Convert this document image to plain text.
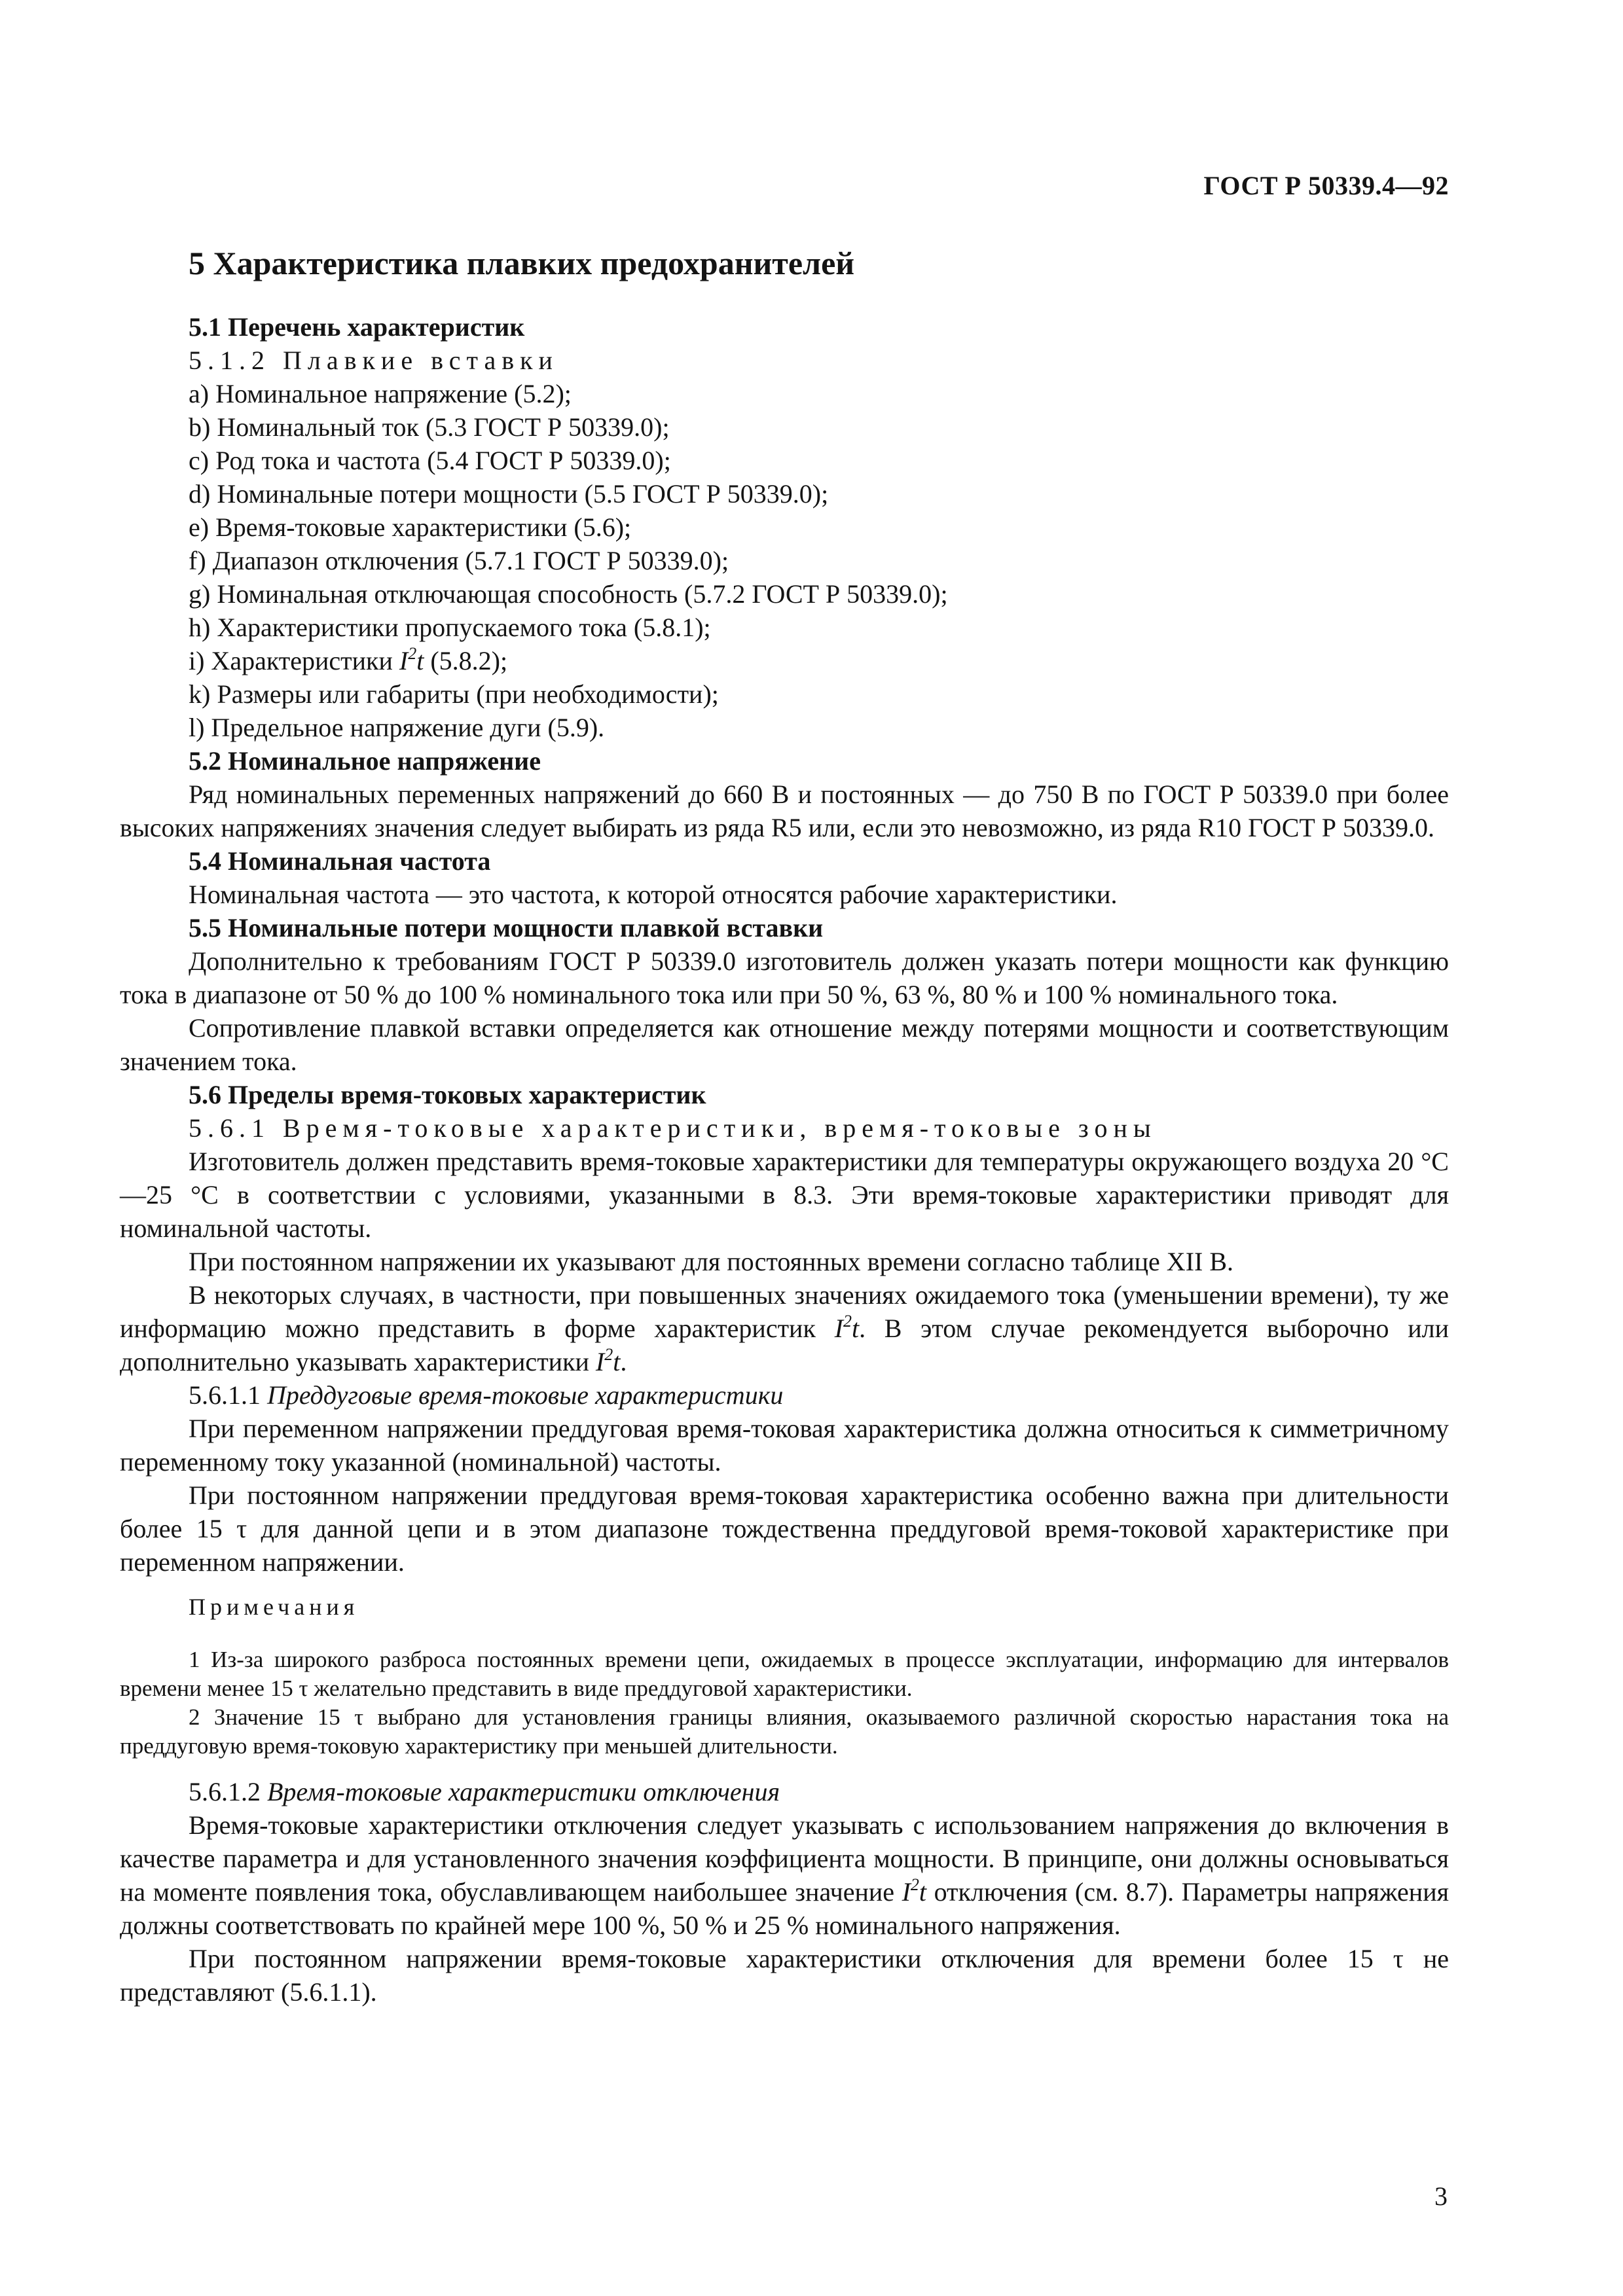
ГОСТ Р 50339.4—92
5 Характеристика плавких предохранителей

5.1 Перечень характеристик

5.1.2 Плавкие вставки

a) Номинальное напряжение (5.2);

b) Номинальный ток (5.3 ГОСТ Р 50339.0);

c) Род тока и частота (5.4 ГОСТ Р 50339.0);

d) Номинальные потери мощности (5.5 ГОСТ Р 50339.0);

e) Время-токовые характеристики (5.6);

f) Диапазон отключения (5.7.1 ГОСТ Р 50339.0);

g) Номинальная отключающая способность (5.7.2 ГОСТ Р 50339.0);

h) Характеристики пропускаемого тока (5.8.1);

i) Характеристики $I^2t$ (5.8.2);

k) Размеры или габариты (при необходимости);

l) Предельное напряжение дуги (5.9).

5.2 Номинальное напряжение

Ряд номинальных переменных напряжений до 660 В и постоянных — до 750 В по ГОСТ Р 50339.0 при более высоких напряжениях значения следует выбирать из ряда R5 или, если это невозможно, из ряда R10 ГОСТ Р 50339.0.

5.4 Номинальная частота

Номинальная частота — это частота, к которой относятся рабочие характеристики.

5.5 Номинальные потери мощности плавкой вставки

Дополнительно к требованиям ГОСТ Р 50339.0 изготовитель должен указать потери мощности как функцию тока в диапазоне от 50 % до 100 % номинального тока или при 50 %, 63 %, 80 % и 100 % номинального тока.

Сопротивление плавкой вставки определяется как отношение между потерями мощности и соответствующим значением тока.

5.6 Пределы время-токовых характеристик

5.6.1 Время-токовые характеристики, время-токовые зоны

Изготовитель должен представить время-токовые характеристики для температуры окружающего воздуха 20 °С—25 °С в соответствии с условиями, указанными в 8.3. Эти время-токовые характеристики приводят для номинальной частоты.

При постоянном напряжении их указывают для постоянных времени согласно таблице XII В.

В некоторых случаях, в частности, при повышенных значениях ожидаемого тока (уменьшении времени), ту же информацию можно представить в форме характеристик $I^2t$. В этом случае рекомендуется выборочно или дополнительно указывать характеристики $I^2t$.

5.6.1.1 Преддуговые время-токовые характеристики

При переменном напряжении преддуговая время-токовая характеристика должна относиться к симметричному переменному току указанной (номинальной) частоты.

При постоянном напряжении преддуговая время-токовая характеристика особенно важна при длительности более 15 τ для данной цепи и в этом диапазоне тождественна преддуговой время-токовой характеристике при переменном напряжении.

Примечания

1 Из-за широкого разброса постоянных времени цепи, ожидаемых в процессе эксплуатации, информацию для интервалов времени менее 15 τ желательно представить в виде преддуговой характеристики.

2 Значение 15 τ выбрано для установления границы влияния, оказываемого различной скоростью нарастания тока на преддуговую время-токовую характеристику при меньшей длительности.

5.6.1.2 Время-токовые характеристики отключения

Время-токовые характеристики отключения следует указывать с использованием напряжения до включения в качестве параметра и для установленного значения коэффициента мощности. В принципе, они должны основываться на моменте появления тока, обуславливающем наибольшее значение $I^2t$ отключения (см. 8.7). Параметры напряжения должны соответствовать по крайней мере 100 %, 50 % и 25 % номинального напряжения.

При постоянном напряжении время-токовые характеристики отключения для времени более 15 τ не представляют (5.6.1.1).

3
